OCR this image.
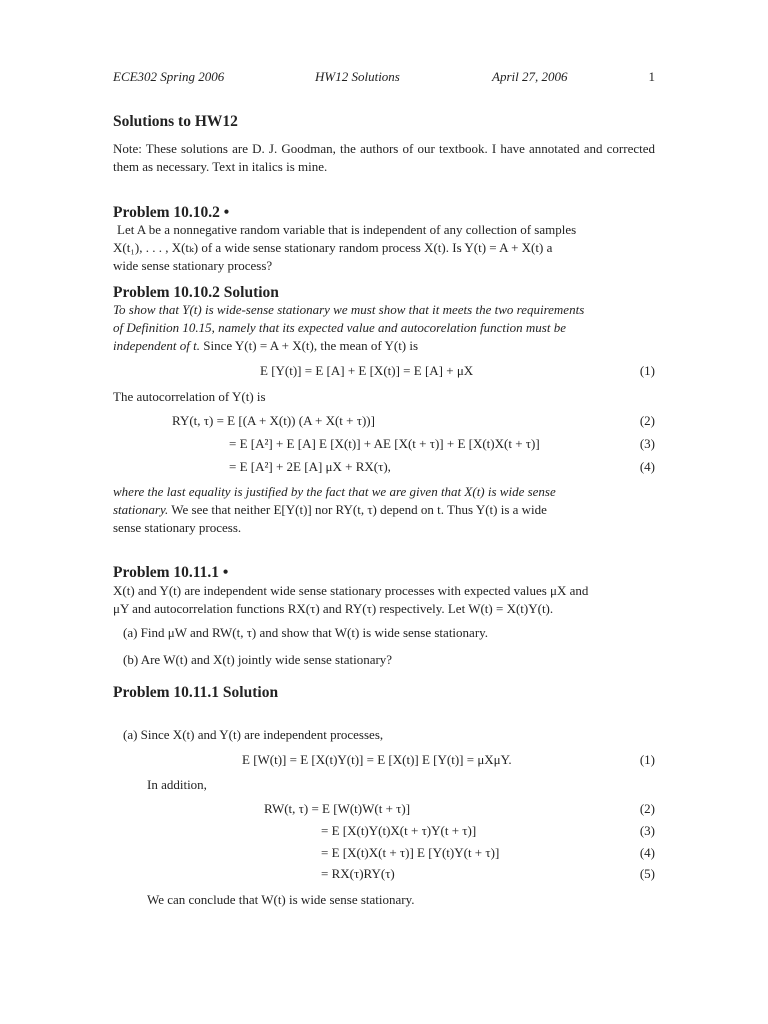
ECE302 Spring 2006	HW12 Solutions	April 27, 2006	1
Solutions to HW12
Note: These solutions are D. J. Goodman, the authors of our textbook. I have annotated and corrected them as necessary. Text in italics is mine.
Problem 10.10.2 •
Let A be a nonnegative random variable that is independent of any collection of samples
X(t₁), . . . , X(tₖ) of a wide sense stationary random process X(t). Is Y(t) = A + X(t) a
wide sense stationary process?
Problem 10.10.2 Solution
To show that Y(t) is wide-sense stationary we must show that it meets the two requirements
of Definition 10.15, namely that its expected value and autocorelation function must be
independent of t. Since Y(t) = A + X(t), the mean of Y(t) is
E [Y(t)] = E [A] + E [X(t)] = E [A] + μX	(1)
The autocorrelation of Y(t) is
RY(t, τ) = E [(A + X(t)) (A + X(t + τ))]	(2)
= E [A²] + E [A] E [X(t)] + AE [X(t + τ)] + E [X(t)X(t + τ)]	(3)
= E [A²] + 2E [A] μX + RX(τ),	(4)
where the last equality is justified by the fact that we are given that X(t) is wide sense
stationary. We see that neither E[Y(t)] nor RY(t, τ) depend on t. Thus Y(t) is a wide
sense stationary process.
Problem 10.11.1 •
X(t) and Y(t) are independent wide sense stationary processes with expected values μX and
μY and autocorrelation functions RX(τ) and RY(τ) respectively. Let W(t) = X(t)Y(t).
(a) Find μW and RW(t, τ) and show that W(t) is wide sense stationary.
(b) Are W(t) and X(t) jointly wide sense stationary?
Problem 10.11.1 Solution
(a) Since X(t) and Y(t) are independent processes,
E [W(t)] = E [X(t)Y(t)] = E [X(t)] E [Y(t)] = μXμY.	(1)
In addition,
RW(t, τ) = E [W(t)W(t + τ)]	(2)
= E [X(t)Y(t)X(t + τ)Y(t + τ)]	(3)
= E [X(t)X(t + τ)] E [Y(t)Y(t + τ)]	(4)
= RX(τ)RY(τ)	(5)
We can conclude that W(t) is wide sense stationary.
